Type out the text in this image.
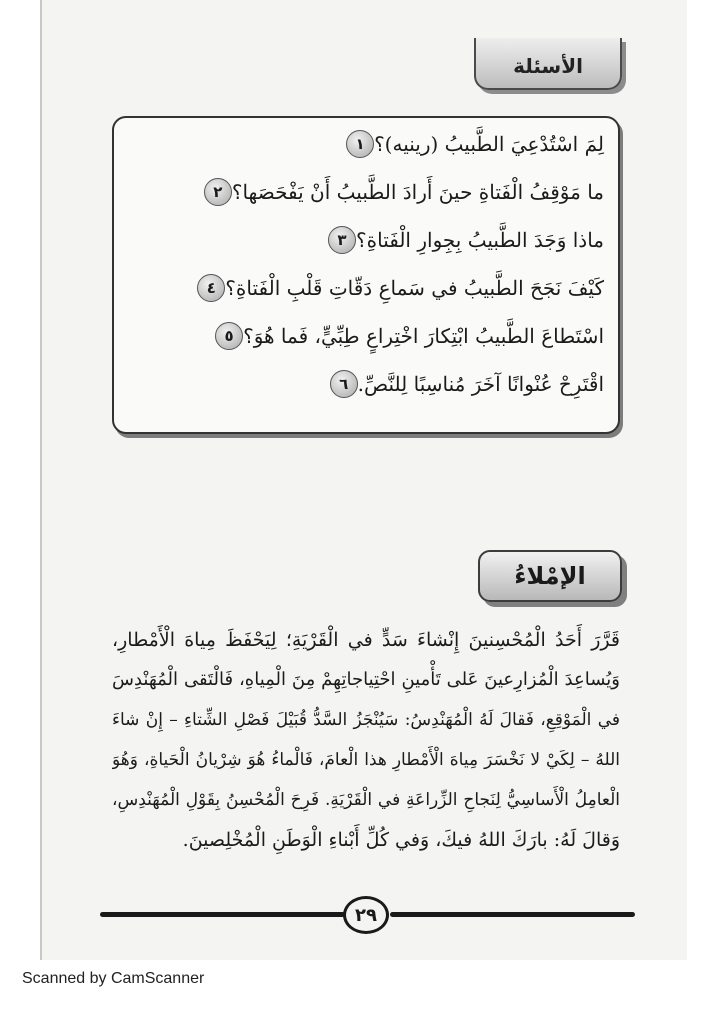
الأسئلة
١ لِمَ اسْتُدْعِيَ الطَّبيبُ (رينيه)؟
٢ ما مَوْقِفُ الْفَتاةِ حينَ أَرادَ الطَّبيبُ أَنْ يَفْحَصَها؟
٣ ماذا وَجَدَ الطَّبيبُ بِجِوارِ الْفَتاةِ؟
٤ كَيْفَ نَجَحَ الطَّبيبُ في سَماعِ دَقّاتِ قَلْبِ الْفَتاةِ؟
٥ اسْتَطاعَ الطَّبيبُ ابْتِكارَ اخْتِراعٍ طِبِّيٍّ، فَما هُوَ؟
٦ اقْتَرِحْ عُنْوانًا آخَرَ مُناسِبًا لِلنَّصِّ.
الإمْلاءُ
قَرَّرَ أَحَدُ الْمُحْسِنينَ إِنْشاءَ سَدٍّ في الْقَرْيَةِ؛ لِيَحْفَظَ مِياهَ الْأَمْطارِ،
وَيُساعِدَ الْمُزارِعينَ عَلى تَأْمينِ احْتِياجاتِهِمْ مِنَ الْمِياهِ، فَالْتَقى الْمُهَنْدِسَ
في الْمَوْقِعِ، فَقالَ لَهُ الْمُهَنْدِسُ: سَيُنْجَزُ السَّدُّ قُبَيْلَ فَصْلِ الشِّتاءِ – إِنْ شاءَ
اللهُ – لِكَيْ لا نَخْسَرَ مِياهَ الْأَمْطارِ هذا الْعامَ، فَالْماءُ هُوَ شِرْيانُ الْحَياةِ، وَهُوَ
الْعامِلُ الْأَساسِيُّ لِنَجاحِ الزِّراعَةِ في الْقَرْيَةِ. فَرِحَ الْمُحْسِنُ بِقَوْلِ الْمُهَنْدِسِ،
وَقالَ لَهُ: بارَكَ اللهُ فيكَ، وَفي كُلِّ أَبْناءِ الْوَطَنِ الْمُخْلِصينَ.
٢٩
Scanned by CamScanner
